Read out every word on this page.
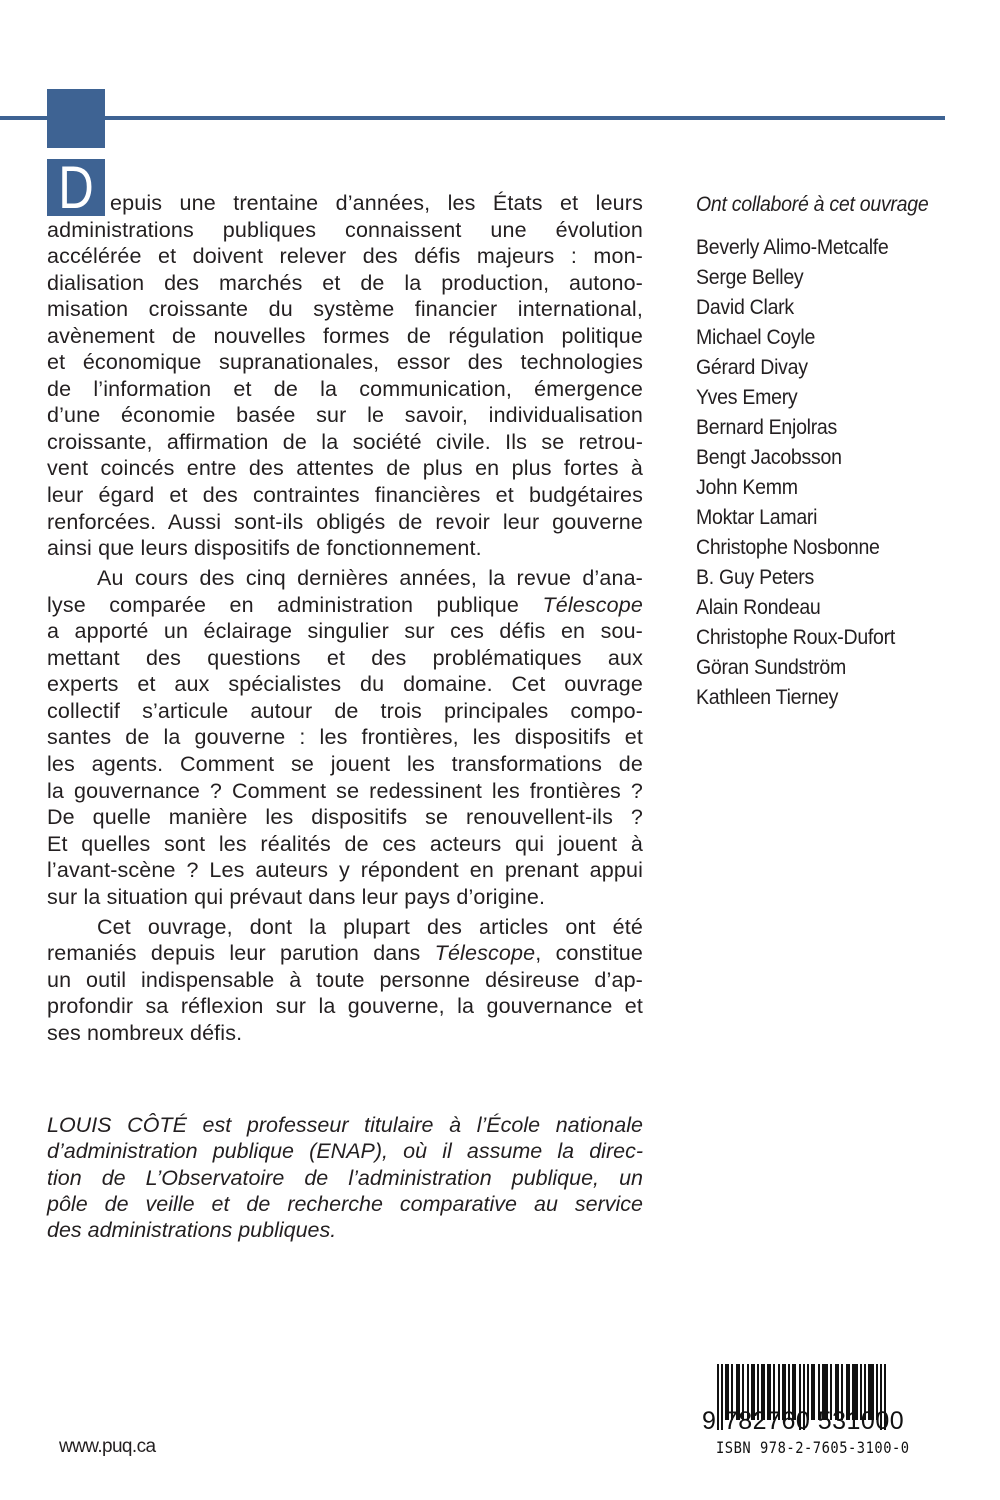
D epuis une trentaine d’années, les États et leurs
administrations publiques connaissent une évolution
accélérée et doivent relever des défis majeurs : mon-
dialisation des marchés et de la production, autono-
misation croissante du système financier international,
avènement de nouvelles formes de régulation politique
et économique supranationales, essor des technologies
de l’information et de la communication, émergence
d’une économie basée sur le savoir, individualisation
croissante, affirmation de la société civile. Ils se retrou-
vent coincés entre des attentes de plus en plus fortes à
leur égard et des contraintes financières et budgétaires
renforcées. Aussi sont-ils obligés de revoir leur gouverne
ainsi que leurs dispositifs de fonctionnement.
Au cours des cinq dernières années, la revue d’ana-
lyse comparée en administration publique Télescope
a apporté un éclairage singulier sur ces défis en sou-
mettant des questions et des problématiques aux
experts et aux spécialistes du domaine. Cet ouvrage
collectif s’articule autour de trois principales compo-
santes de la gouverne : les frontières, les dispositifs et
les agents. Comment se jouent les transformations de
la gouvernance ? Comment se redessinent les frontières ?
De quelle manière les dispositifs se renouvellent-ils ?
Et quelles sont les réalités de ces acteurs qui jouent à
l’avant-scène ? Les auteurs y répondent en prenant appui
sur la situation qui prévaut dans leur pays d’origine.
Cet ouvrage, dont la plupart des articles ont été
remaniés depuis leur parution dans Télescope, constitue
un outil indispensable à toute personne désireuse d’ap-
profondir sa réflexion sur la gouverne, la gouvernance et
ses nombreux défis.
LOUIS CÔTÉ est professeur titulaire à l’École nationale
d’administration publique (ENAP), où il assume la direc-
tion de L’Observatoire de l’administration publique, un
pôle de veille et de recherche comparative au service
des administrations publiques.
Ont collaboré à cet ouvrage
Beverly Alimo-Metcalfe
Serge Belley
David Clark
Michael Coyle
Gérard Divay
Yves Emery
Bernard Enjolras
Bengt Jacobsson
John Kemm
Moktar Lamari
Christophe Nosbonne
B. Guy Peters
Alain Rondeau
Christophe Roux-Dufort
Göran Sundström
Kathleen Tierney
www.puq.ca
9 782760 531000
ISBN 978-2-7605-3100-0
